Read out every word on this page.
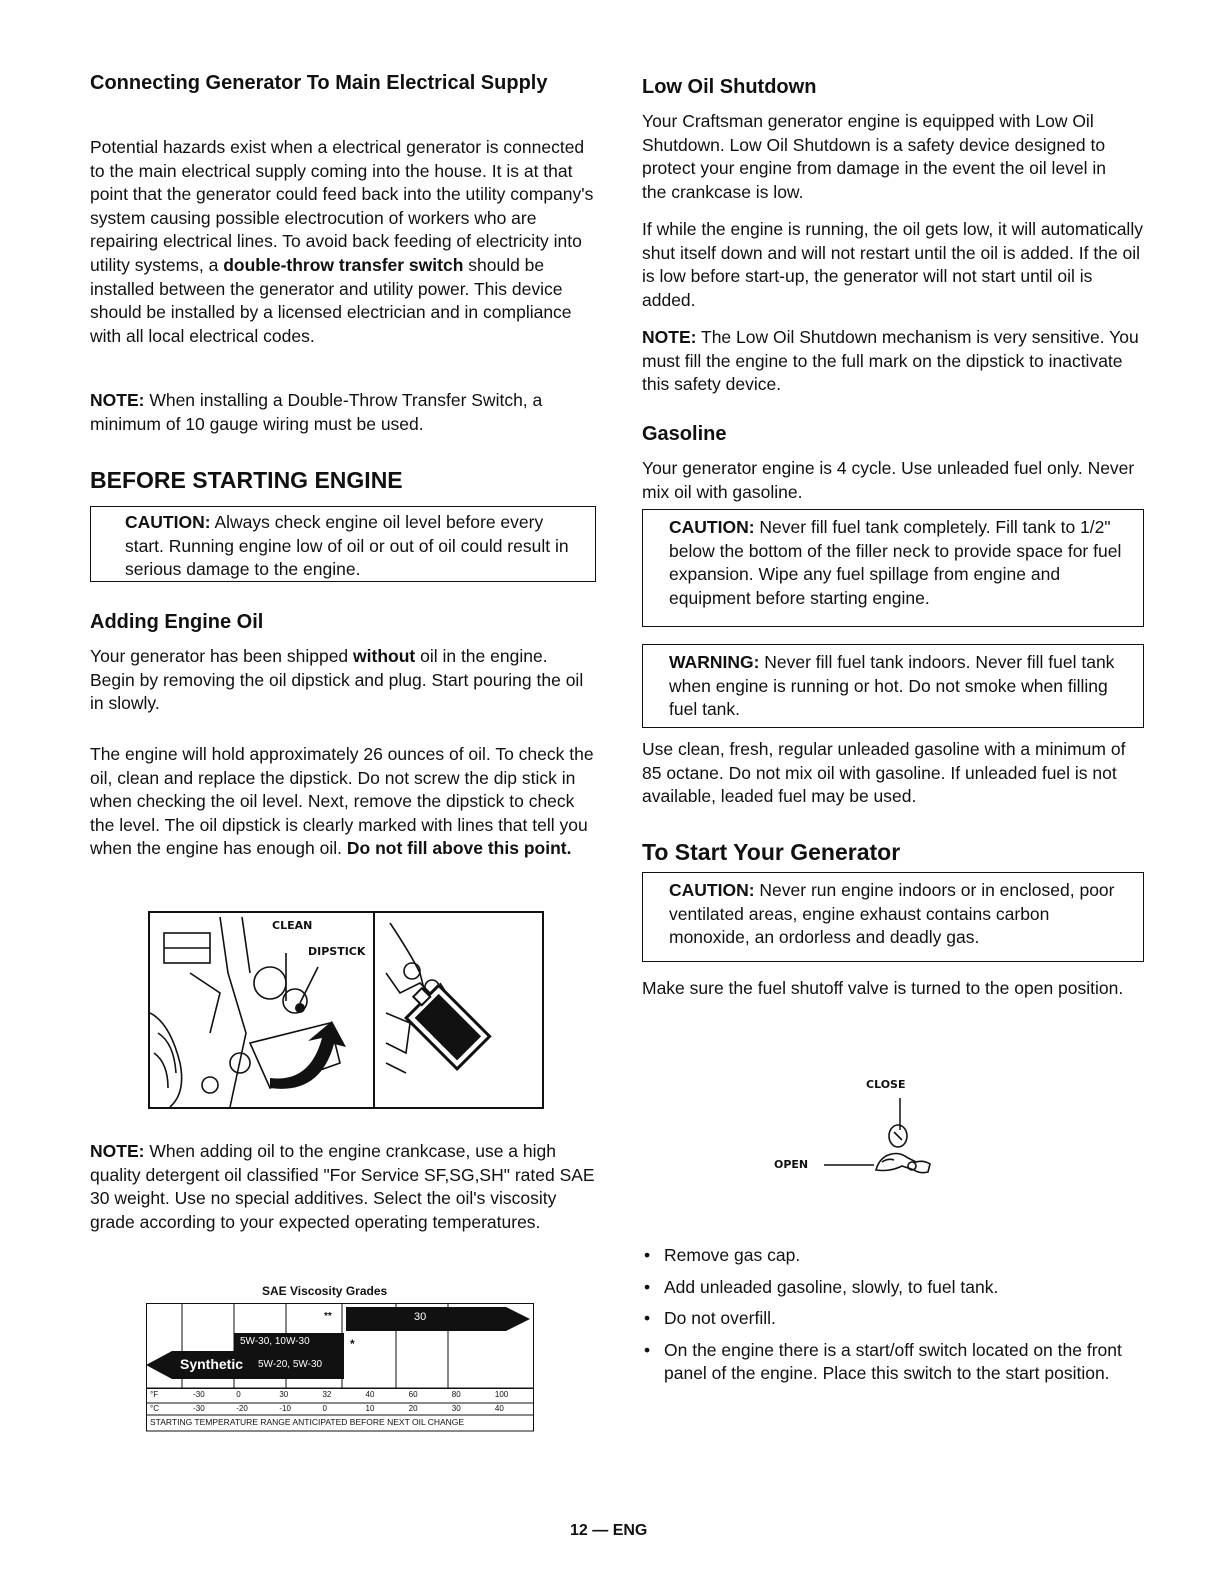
Connecting Generator To Main Electrical Supply

Potential hazards exist when a electrical generator is connected to the main electrical supply coming into the house. It is at that point that the generator could feed back into the utility company's system causing possible electrocution of workers who are repairing electrical lines. To avoid back feeding of electricity into utility systems, a double-throw transfer switch should be installed between the generator and utility power. This device should be installed by a licensed electrician and in compliance with all local electrical codes.

NOTE: When installing a Double-Throw Transfer Switch, a minimum of 10 gauge wiring must be used.

BEFORE STARTING ENGINE

CAUTION: Always check engine oil level before every start. Running engine low of oil or out of oil could result in serious damage to the engine.

Adding Engine Oil

Your generator has been shipped without oil in the engine. Begin by removing the oil dipstick and plug. Start pouring the oil in slowly.

The engine will hold approximately 26 ounces of oil. To check the oil, clean and replace the dipstick. Do not screw the dip stick in when checking the oil level. Next, remove the dipstick to check the level. The oil dipstick is clearly marked with lines that tell you when the engine has enough oil. Do not fill above this point.

CLEAN
DIPSTICK

NOTE: When adding oil to the engine crankcase, use a high quality detergent oil classified "For Service SF,SG,SH" rated SAE 30 weight. Use no special additives. Select the oil's viscosity grade according to your expected operating temperatures.

SAE Viscosity Grades
30
5W-30, 10W-30
Synthetic 5W-20, 5W-30
**
*
°F	-30	0	30	32	40	60	80	100
°C	-30	-20	-10	0	10	20	30	40
STARTING TEMPERATURE RANGE ANTICIPATED BEFORE NEXT OIL CHANGE
Low Oil Shutdown

Your Craftsman generator engine is equipped with Low Oil Shutdown. Low Oil Shutdown is a safety device designed to protect your engine from damage in the event the oil level in the crankcase is low.

If while the engine is running, the oil gets low, it will automatically shut itself down and will not restart until the oil is added. If the oil is low before start-up, the generator will not start until oil is added.

NOTE: The Low Oil Shutdown mechanism is very sensitive. You must fill the engine to the full mark on the dipstick to inactivate this safety device.

Gasoline

Your generator engine is 4 cycle. Use unleaded fuel only. Never mix oil with gasoline.

CAUTION: Never fill fuel tank completely. Fill tank to 1/2" below the bottom of the filler neck to provide space for fuel expansion. Wipe any fuel spillage from engine and equipment before starting engine.

WARNING: Never fill fuel tank indoors. Never fill fuel tank when engine is running or hot. Do not smoke when filling fuel tank.

Use clean, fresh, regular unleaded gasoline with a minimum of 85 octane. Do not mix oil with gasoline. If unleaded fuel is not available, leaded fuel may be used.

To Start Your Generator

CAUTION: Never run engine indoors or in enclosed, poor ventilated areas, engine exhaust contains carbon monoxide, an ordorless and deadly gas.

Make sure the fuel shutoff valve is turned to the open position.

• Remove gas cap.
• Add unleaded gasoline, slowly, to fuel tank.
• Do not overfill.
• On the engine there is a start/off switch located on the front panel of the engine. Place this switch to the start position.
CLOSE
OPEN
12 — ENG
